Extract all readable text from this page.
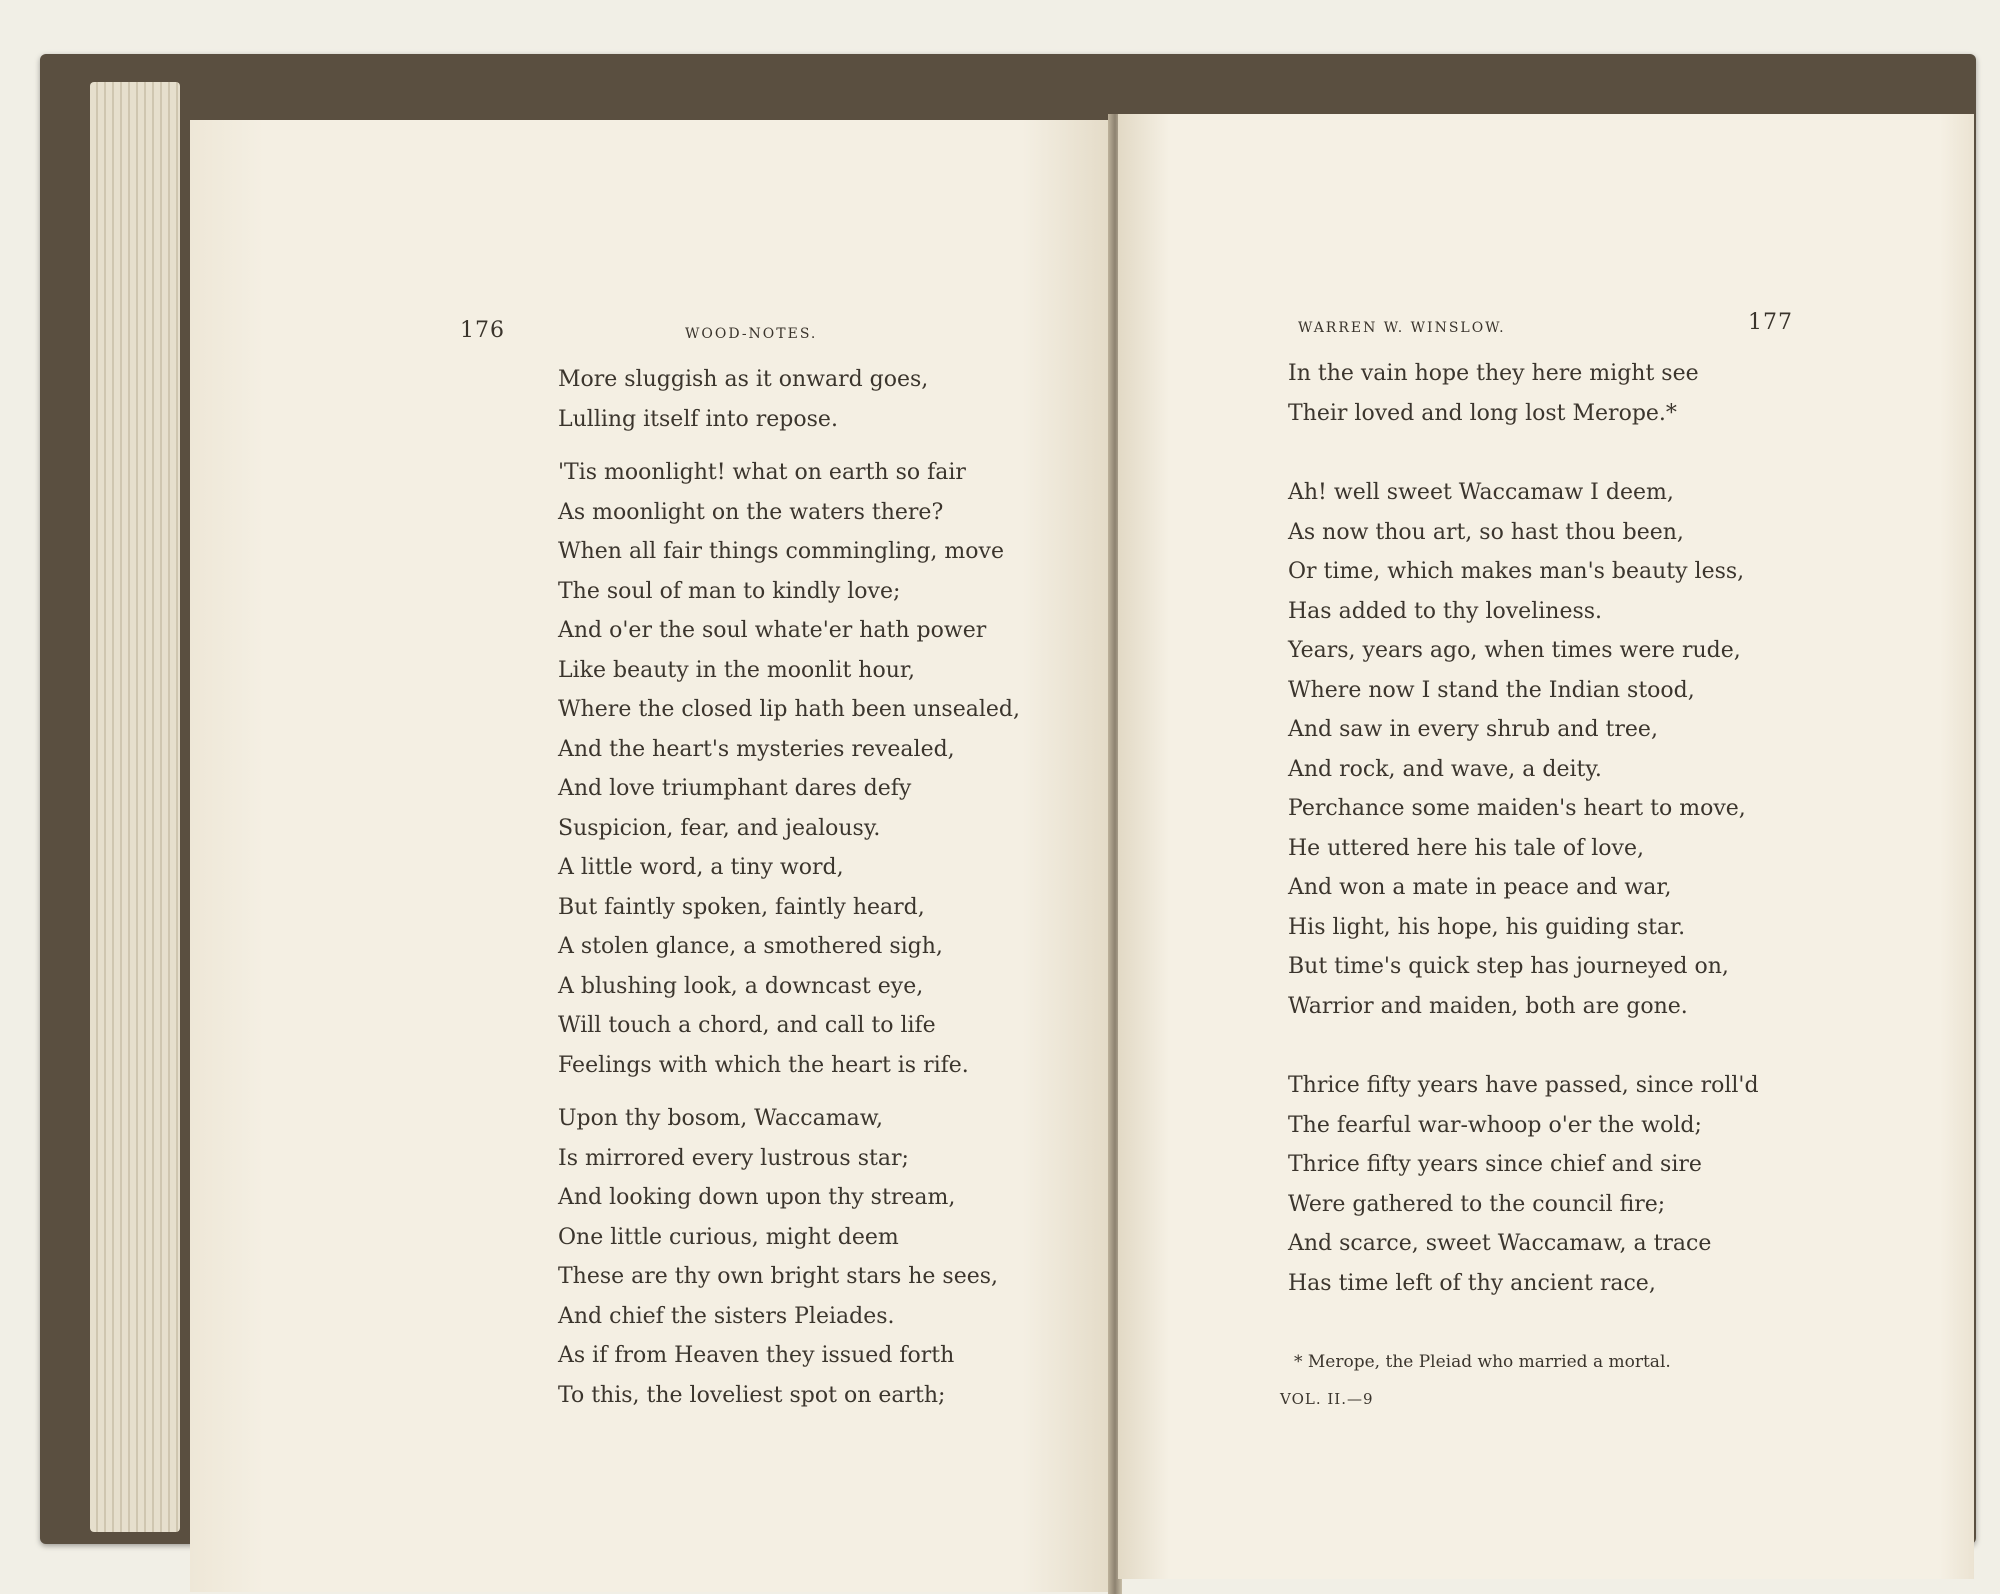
176	WOOD-NOTES.
More sluggish as it onward goes,
Lulling itself into repose.
'Tis moonlight! what on earth so fair
As moonlight on the waters there?
When all fair things commingling, move
The soul of man to kindly love;
And o'er the soul whate'er hath power
Like beauty in the moonlit hour,
Where the closed lip hath been unsealed,
And the heart's mysteries revealed,
And love triumphant dares defy
Suspicion, fear, and jealousy.
A little word, a tiny word,
But faintly spoken, faintly heard,
A stolen glance, a smothered sigh,
A blushing look, a downcast eye,
Will touch a chord, and call to life
Feelings with which the heart is rife.
Upon thy bosom, Waccamaw,
Is mirrored every lustrous star;
And looking down upon thy stream,
One little curious, might deem
These are thy own bright stars he sees,
And chief the sisters Pleiades.
As if from Heaven they issued forth
To this, the loveliest spot on earth;
WARREN W. WINSLOW.	177
In the vain hope they here might see
Their loved and long lost Merope.*
Ah! well sweet Waccamaw I deem,
As now thou art, so hast thou been,
Or time, which makes man's beauty less,
Has added to thy loveliness.
Years, years ago, when times were rude,
Where now I stand the Indian stood,
And saw in every shrub and tree,
And rock, and wave, a deity.
Perchance some maiden's heart to move,
He uttered here his tale of love,
And won a mate in peace and war,
His light, his hope, his guiding star.
But time's quick step has journeyed on,
Warrior and maiden, both are gone.
Thrice fifty years have passed, since roll'd
The fearful war-whoop o'er the wold;
Thrice fifty years since chief and sire
Were gathered to the council fire;
And scarce, sweet Waccamaw, a trace
Has time left of thy ancient race,
* Merope, the Pleiad who married a mortal.
VOL. II.—9
